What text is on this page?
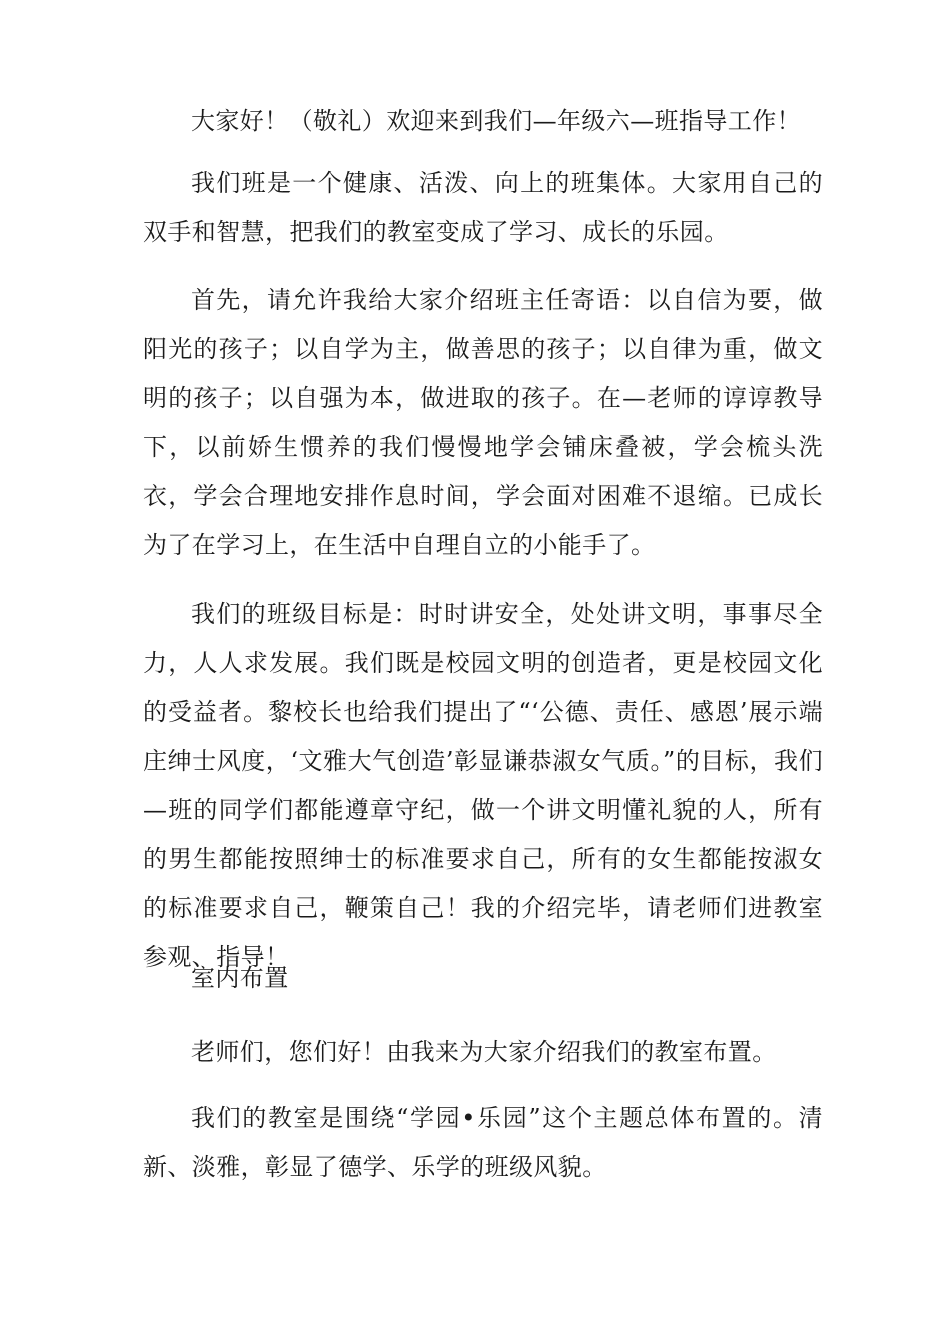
大家好！（敬礼）欢迎来到我们—年级六—班指导工作！

我们班是一个健康、活泼、向上的班集体。大家用自己的双手和智慧，把我们的教室变成了学习、成长的乐园。

首先，请允许我给大家介绍班主任寄语：以自信为要，做阳光的孩子；以自学为主，做善思的孩子；以自律为重，做文明的孩子；以自强为本，做进取的孩子。在—老师的谆谆教导下，以前娇生惯养的我们慢慢地学会铺床叠被，学会梳头洗衣，学会合理地安排作息时间，学会面对困难不退缩。已成长为了在学习上，在生活中自理自立的小能手了。

我们的班级目标是：时时讲安全，处处讲文明，事事尽全力，人人求发展。我们既是校园文明的创造者，更是校园文化的受益者。黎校长也给我们提出了“‘公德、责任、感恩’展示端庄绅士风度，‘文雅大气创造’彰显谦恭淑女气质。”的目标，我们—班的同学们都能遵章守纪，做一个讲文明懂礼貌的人，所有的男生都能按照绅士的标准要求自己，所有的女生都能按淑女的标准要求自己，鞭策自己！我的介绍完毕，请老师们进教室参观、指导！

室内布置

老师们，您们好！由我来为大家介绍我们的教室布置。

我们的教室是围绕“学园•乐园”这个主题总体布置的。清新、淡雅，彰显了德学、乐学的班级风貌。
